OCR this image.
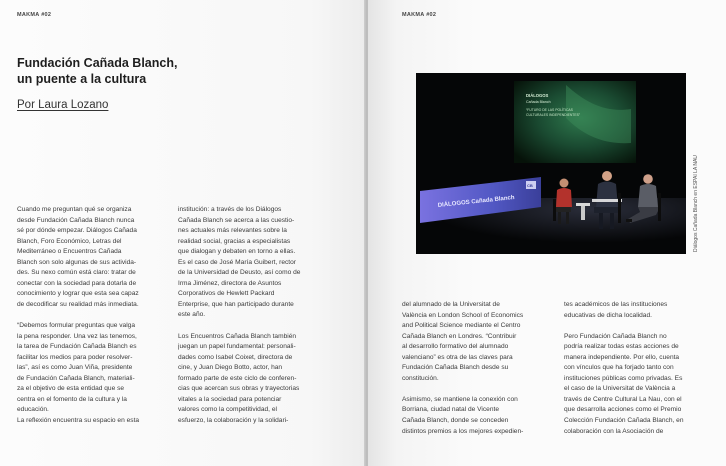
MAKMA #02
Fundación Cañada Blanch,
un puente a la cultura
Por Laura Lozano
Cuando me preguntan qué se organiza
desde Fundación Cañada Blanch nunca
sé por dónde empezar. Diálogos Cañada
Blanch, Foro Económico, Letras del
Mediterráneo o Encuentros Cañada
Blanch son solo algunas de sus activida-
des. Su nexo común está claro: tratar de
conectar con la sociedad para dotarla de
conocimiento y lograr que esta sea capaz
de decodificar su realidad más inmediata.
“Debemos formular preguntas que valga
la pena responder. Una vez las tenemos,
la tarea de Fundación Cañada Blanch es
facilitar los medios para poder resolver-
las”, así es como Juan Viña, presidente
de Fundación Cañada Blanch, materiali-
za el objetivo de esta entidad que se
centra en el fomento de la cultura y la
educación.
La reflexión encuentra su espacio en esta
institución: a través de los Diálogos
Cañada Blanch se acerca a las cuestio-
nes actuales más relevantes sobre la
realidad social, gracias a especialistas
que dialogan y debaten en torno a ellas.
Es el caso de José María Guibert, rector
de la Universidad de Deusto, así como de
Irma Jiménez, directora de Asuntos
Corporativos de Hewlett Packard
Enterprise, que han participado durante
este año.
Los Encuentros Cañada Blanch también
juegan un papel fundamental: personali-
dades como Isabel Coixet, directora de
cine, y Juan Diego Botto, actor, han
formado parte de este ciclo de conferen-
cias que acercan sus obras y trayectorias
vitales a la sociedad para potenciar
valores como la competitividad, el
esfuerzo, la colaboración y la solidari-
MAKMA #02
DIÁLOGOS
Cañada Blanch
“FUTURO DE LAS POLÍTICAS
CULTURALES INDEPENDIENTES”
DIÁLOGOS Cañada Blanch
CB	Diálogos Cañada Blanch en ESPAI LA NAU
del alumnado de la Universitat de
València en London School of Economics
and Political Science mediante el Centro
Cañada Blanch en Londres. “Contribuir
al desarrollo formativo del alumnado
valenciano” es otra de las claves para
Fundación Cañada Blanch desde su
constitución.
Asimismo, se mantiene la conexión con
Borriana, ciudad natal de Vicente
Cañada Blanch, donde se conceden
distintos premios a los mejores expedien-
tes académicos de las instituciones
educativas de dicha localidad.
Pero Fundación Cañada Blanch no
podría realizar todas estas acciones de
manera independiente. Por ello, cuenta
con vínculos que ha forjado tanto con
instituciones públicas como privadas. Es
el caso de la Universitat de València a
través de Centre Cultural La Nau, con el
que desarrolla acciones como el Premio
Colección Fundación Cañada Blanch, en
colaboración con la Asociación de
